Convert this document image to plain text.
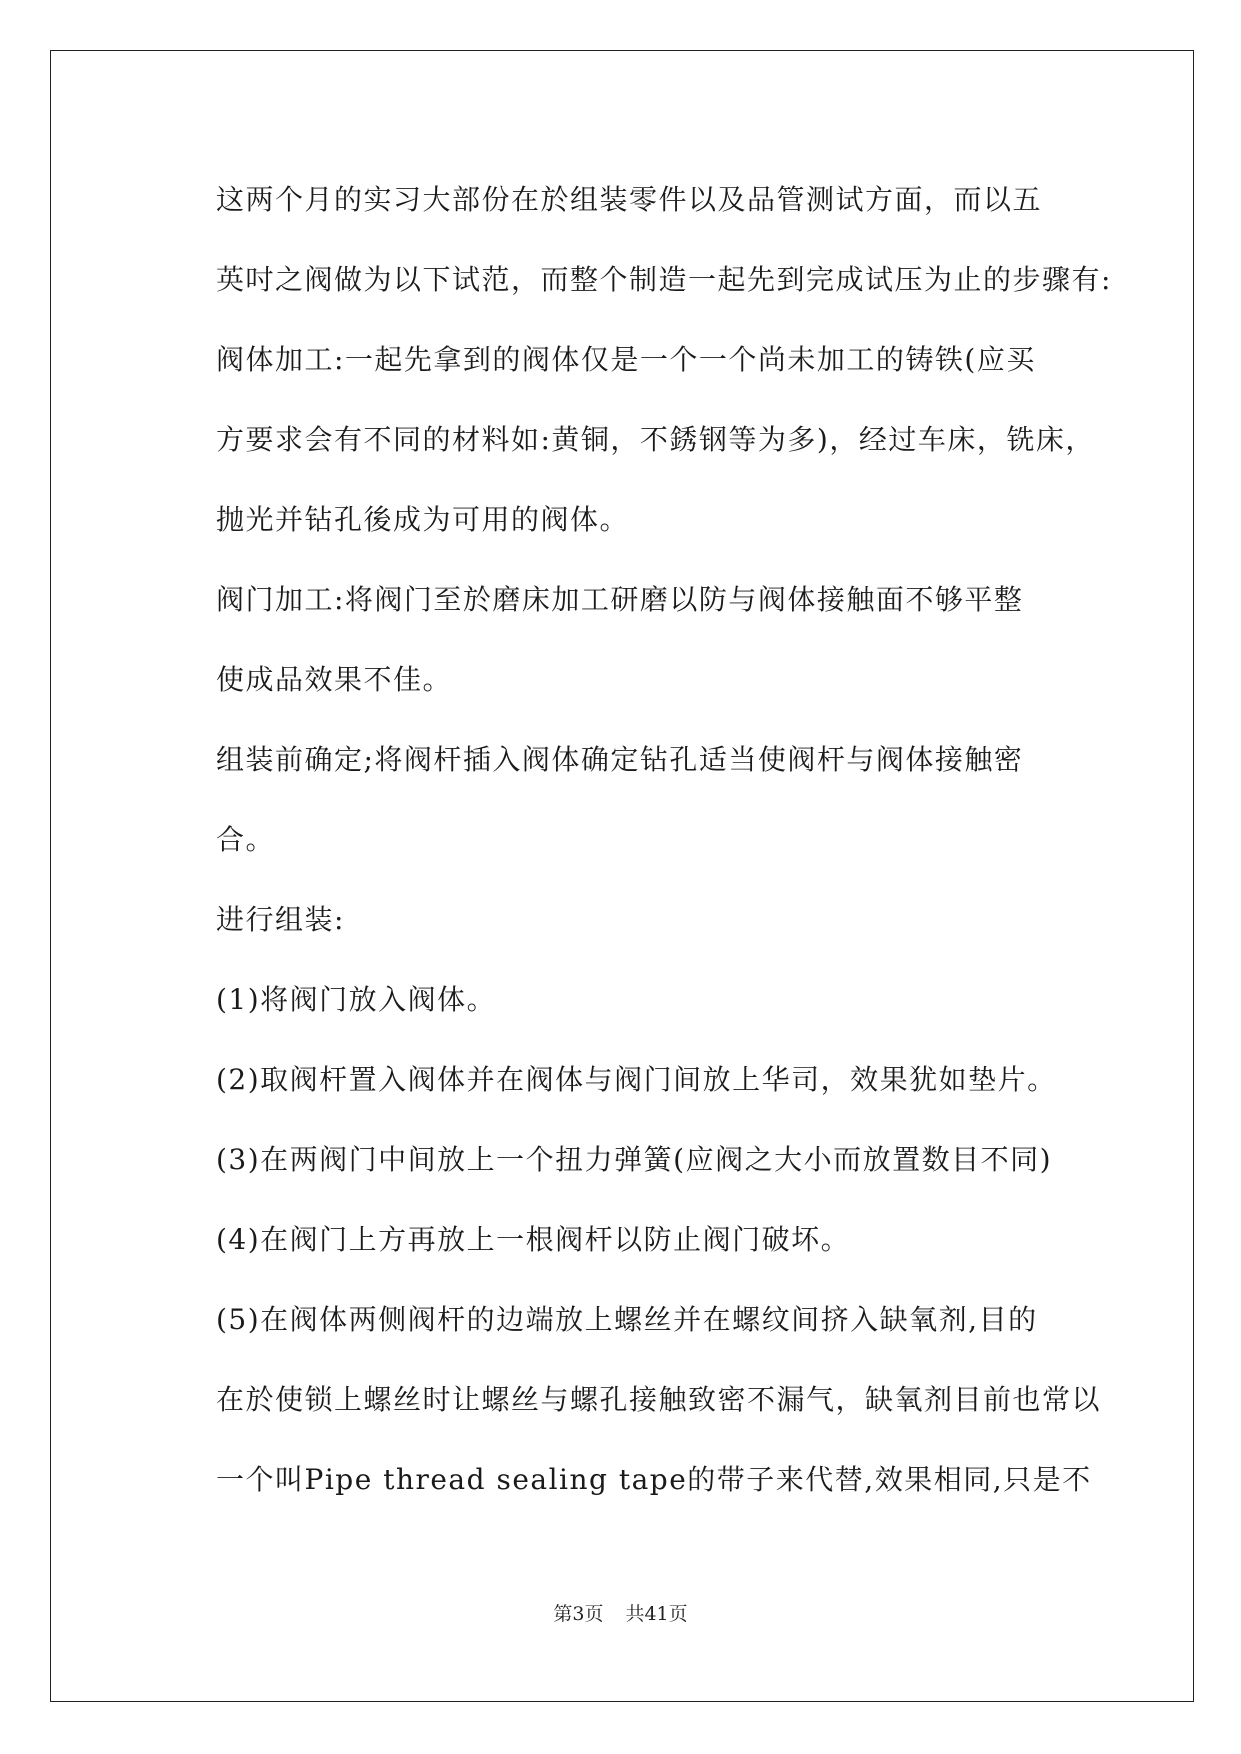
这两个月的实习大部份在於组装零件以及品管测试方面，而以五
英吋之阀做为以下试范，而整个制造一起先到完成试压为止的步骤有:

阀体加工:一起先拿到的阀体仅是一个一个尚未加工的铸铁(应买
方要求会有不同的材料如:黄铜，不銹钢等为多)，经过车床，铣床，
抛光并钻孔後成为可用的阀体。

阀门加工:将阀门至於磨床加工研磨以防与阀体接触面不够平整
使成品效果不佳。

组装前确定;将阀杆插入阀体确定钻孔适当使阀杆与阀体接触密
合。

进行组装:

(1)将阀门放入阀体。

(2)取阀杆置入阀体并在阀体与阀门间放上华司，效果犹如垫片。

(3)在两阀门中间放上一个扭力弹簧(应阀之大小而放置数目不同)

(4)在阀门上方再放上一根阀杆以防止阀门破坏。

(5)在阀体两侧阀杆的边端放上螺丝并在螺纹间挤入缺氧剂,目的
在於使锁上螺丝时让螺丝与螺孔接触致密不漏气，缺氧剂目前也常以
一个叫Pipe thread sealing tape的带子来代替,效果相同,只是不

第3页 共41页
